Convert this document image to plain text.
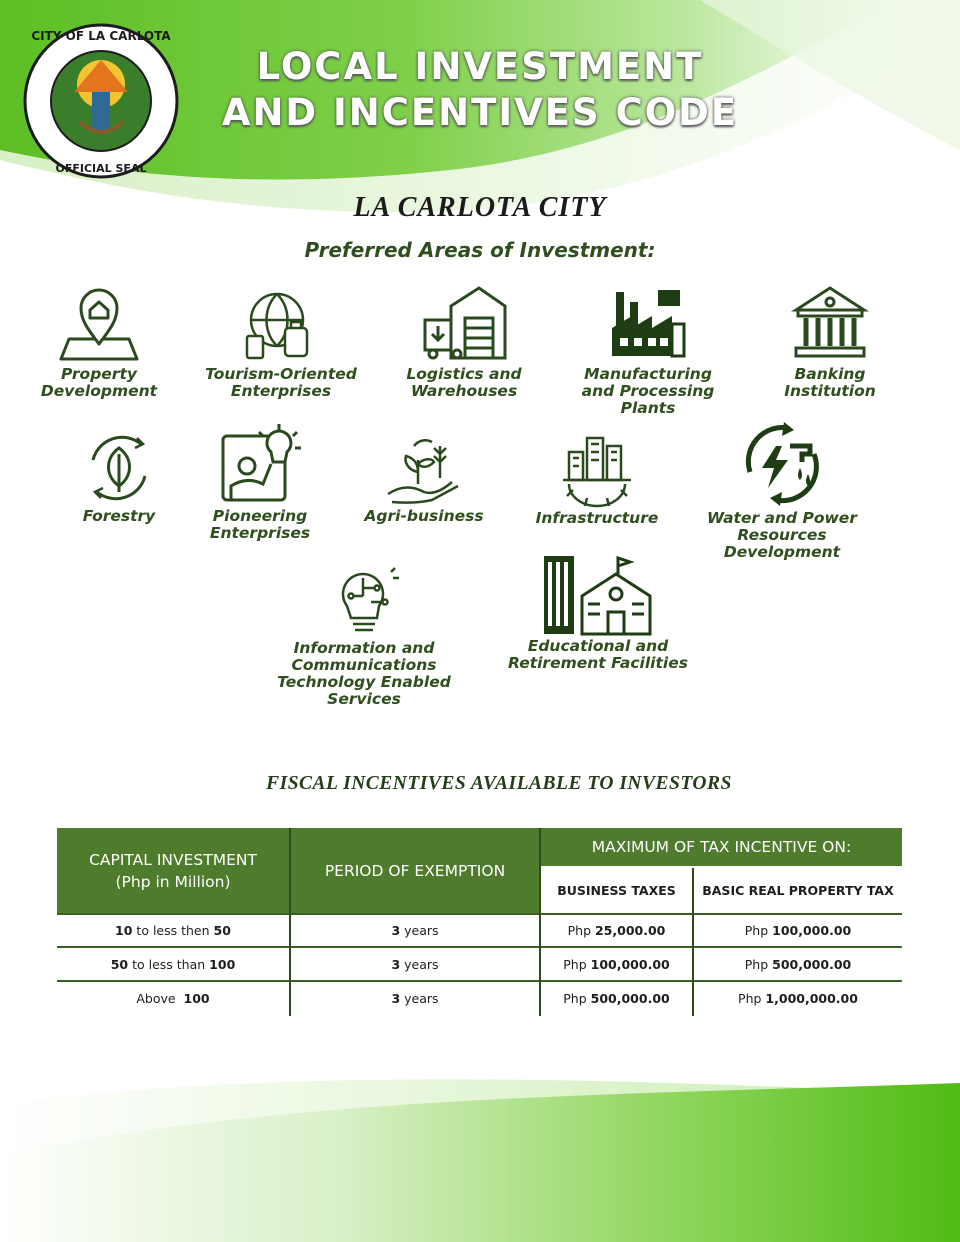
CITY OF LA CARLOTA
OFFICIAL SEAL
LOCAL INVESTMENT
AND INCENTIVES CODE
LA CARLOTA CITY
Preferred Areas of Investment:
Property
Development
Tourism-Oriented
Enterprises
Logistics and
Warehouses
Manufacturing
and Processing
Plants
Banking
Institution
Forestry	Pioneering
Enterprises
Agri-business	Infrastructure	Water and Power
Resources
Development
Information and
Communications
Technology Enabled
Services
Educational and
Retirement Facilities
FISCAL INCENTIVES AVAILABLE TO INVESTORS
CAPITAL INVESTMENT
(Php in Million)
PERIOD OF EXEMPTION
MAXIMUM OF TAX INCENTIVE ON:
BUSINESS TAXES	BASIC REAL PROPERTY TAX
10 to less then 50	3 years	Php 25,000.00	Php 100,000.00
50 to less than 100	3 years	Php 100,000.00	Php 500,000.00
Above 100	3 years	Php 500,000.00	Php 1,000,000.00
